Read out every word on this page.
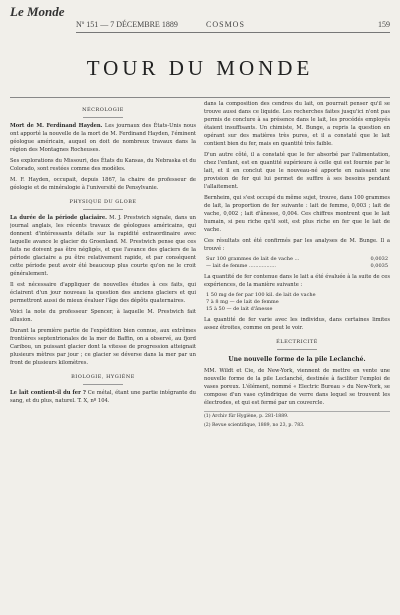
Le Monde
Nº 151 — 7 DÉCEMBRE 1889	COSMOS	159
TOUR DU MONDE
NÉCROLOGIE

Mort de M. Ferdinand Hayden. Les journaux des États-Unis nous ont apporté la nouvelle de la mort de M. Ferdinand Hayden, l'éminent géologue américain, auquel on doit de nombreux travaux dans la région des Montagnes Rocheuses.

Ses explorations du Missouri, des États du Kansas, du Nebraska et du Colorado, sont restées comme des modèles.

M. F. Hayden, occupait, depuis 1867, la chaire de professeur de géologie et de minéralogie à l'université de Pensylvanie.

PHYSIQUE DU GLOBE

La durée de la période glaciaire. M. J. Prestwich signale, dans un journal anglais, les récents travaux de géologues américains, qui donnent d'intéressants détails sur la rapidité extraordinaire avec laquelle avance le glacier du Groenland. M. Prestwich pense que ces faits ne doivent pas être négligés, et que l'avance des glaciers de la période glaciaire a pu être relativement rapide, et par conséquent cette période peut avoir été beaucoup plus courte qu'on ne le croit généralement.

Il est nécessaire d'appliquer de nouvelles études à ces faits, qui éclairent d'un jour nouveau la question des anciens glaciers et qui permettront aussi de mieux évaluer l'âge des dépôts quaternaires.

Voici la note du professeur Spencer, à laquelle M. Prestwich fait allusion.

Durant la première partie de l'expédition bien connue, aux extrêmes frontières septentrionales de la mer de Baffin, on a observé, au fjord Caribou, un puissant glacier dont la vitesse de progression atteignait plusieurs mètres par jour ; ce glacier se déverse dans la mer par un front de plusieurs kilomètres.

BIOLOGIE, HYGIÈNE

Le lait contient-il du fer ? Ce métal, étant une partie intégrante du sang, et du plus, naturel. T. X, nº 104.

dans la composition des cendres du lait, on pourrait penser qu'il se trouve aussi dans ce liquide. Les recherches faites jusqu'ici n'ont pas permis de conclure à sa présence dans le lait, les procédés employés étaient insuffisants. Un chimiste, M. Bunge, a repris la question en opérant sur des matières très pures, et il a constaté que le lait contient bien du fer, mais en quantité très faible.

D'un autre côté, il a constaté que le fer absorbé par l'alimentation, chez l'enfant, est en quantité supérieure à celle qui est fournie par le lait, et il en conclut que le nouveau-né apporte en naissant une provision de fer qui lui permet de suffire à ses besoins pendant l'allaitement.

Bernheim, qui s'est occupé du même sujet, trouve, dans 100 grammes de lait, la proportion de fer suivante : lait de femme, 0,003 ; lait de vache, 0,002 ; lait d'ânesse, 0,004. Ces chiffres montrent que le lait humain, si peu riche qu'il soit, est plus riche en fer que le lait de vache.

Ces résultats ont été confirmés par les analyses de M. Bunge. Il a trouvé :

Sur 100 grammes de lait de vache ...	0,0032
— lait de femme .................	0,0035

La quantité de fer contenue dans le lait a été évaluée à la suite de ces expériences, de la manière suivante :

1 50 mg de fer par 100 kil. de lait de vache
7 à 8 mg — de lait de femme
15 à 50 — de lait d'ânesse

La quantité de fer varie avec les individus, dans certaines limites assez étroites, comme on peut le voir.

ÉLECTRICITÉ
Une nouvelle forme de la pile Leclanché.

MM. Wildt et Cie, de New-York, viennent de mettre en vente une nouvelle forme de la pile Leclanché, destinée à faciliter l'emploi de vases poreux. L'élément, nommé « Electric Bureau » du New-York, se compose d'un vase cylindrique de verre dans lequel se trouvent les électrodes, et qui est fermé par un couvercle.

(1) Archiv für Hygiène, p. 281-1889.

(2) Revue scientifique, 1889, no 23, p. 783.
